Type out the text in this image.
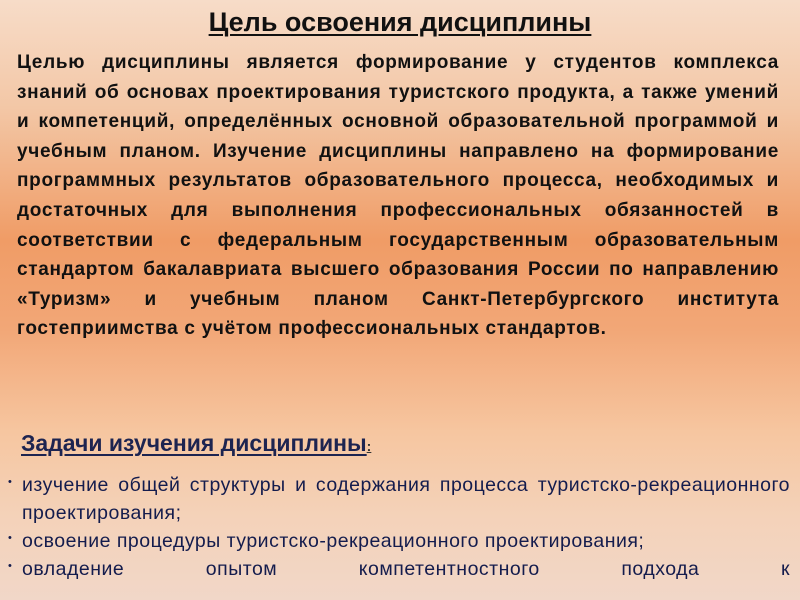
Цель освоения дисциплины

Целью дисциплины является формирование у студентов комплекса знаний об основах проектирования туристского продукта, а также умений и компетенций, определённых основной образовательной программой и учебным планом. Изучение дисциплины направлено на формирование программных результатов образовательного процесса, необходимых и достаточных для выполнения профессиональных обязанностей в соответствии с федеральным государственным образовательным стандартом бакалавриата высшего образования России по направлению «Туризм» и учебным планом Санкт-Петербургского института гостеприимства с учётом профессиональных стандартов.

Задачи изучения дисциплины:
• изучение общей структуры и содержания процесса туристско-рекреационного проектирования;
• освоение процедуры туристско-рекреационного проектирования;
• овладение опытом компетентностного подхода к
